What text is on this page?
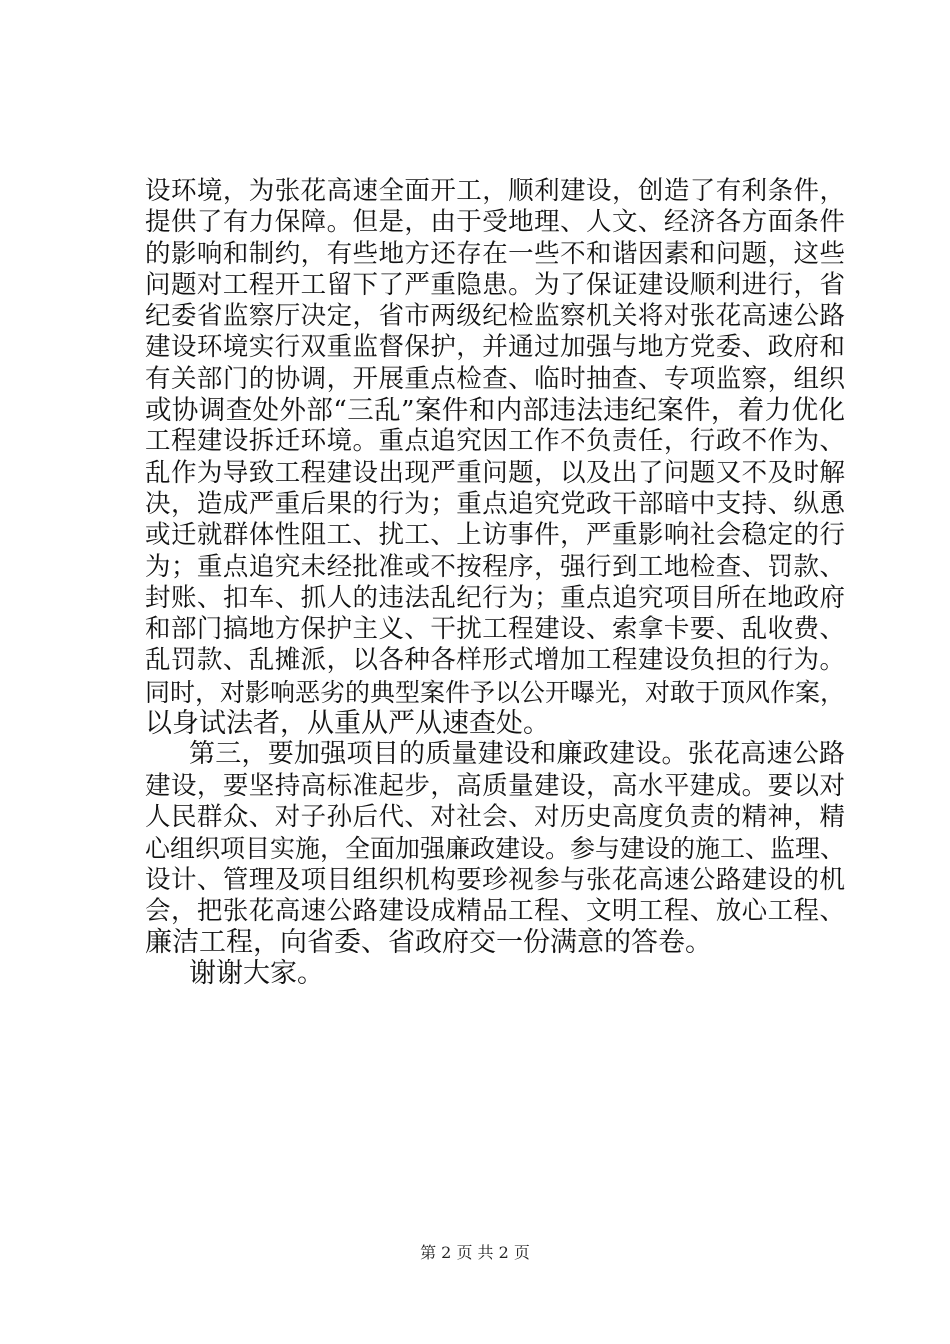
设环境，为张花高速全面开工，顺利建设，创造了有利条件，
提供了有力保障。但是，由于受地理、人文、经济各方面条件
的影响和制约，有些地方还存在一些不和谐因素和问题，这些
问题对工程开工留下了严重隐患。为了保证建设顺利进行，省
纪委省监察厅决定，省市两级纪检监察机关将对张花高速公路
建设环境实行双重监督保护，并通过加强与地方党委、政府和
有关部门的协调，开展重点检查、临时抽查、专项监察，组织
或协调查处外部“三乱”案件和内部违法违纪案件，着力优化
工程建设拆迁环境。重点追究因工作不负责任，行政不作为、
乱作为导致工程建设出现严重问题，以及出了问题又不及时解
决，造成严重后果的行为；重点追究党政干部暗中支持、纵恿
或迁就群体性阻工、扰工、上访事件，严重影响社会稳定的行
为；重点追究未经批准或不按程序，强行到工地检查、罚款、
封账、扣车、抓人的违法乱纪行为；重点追究项目所在地政府
和部门搞地方保护主义、干扰工程建设、索拿卡要、乱收费、
乱罚款、乱摊派，以各种各样形式增加工程建设负担的行为。
同时，对影响恶劣的典型案件予以公开曝光，对敢于顶风作案，
以身试法者，从重从严从速查处。
第三，要加强项目的质量建设和廉政建设。张花高速公路
建设，要坚持高标准起步，高质量建设，高水平建成。要以对
人民群众、对子孙后代、对社会、对历史高度负责的精神，精
心组织项目实施，全面加强廉政建设。参与建设的施工、监理、
设计、管理及项目组织机构要珍视参与张花高速公路建设的机
会，把张花高速公路建设成精品工程、文明工程、放心工程、
廉洁工程，向省委、省政府交一份满意的答卷。
谢谢大家。
第 2 页 共 2 页
